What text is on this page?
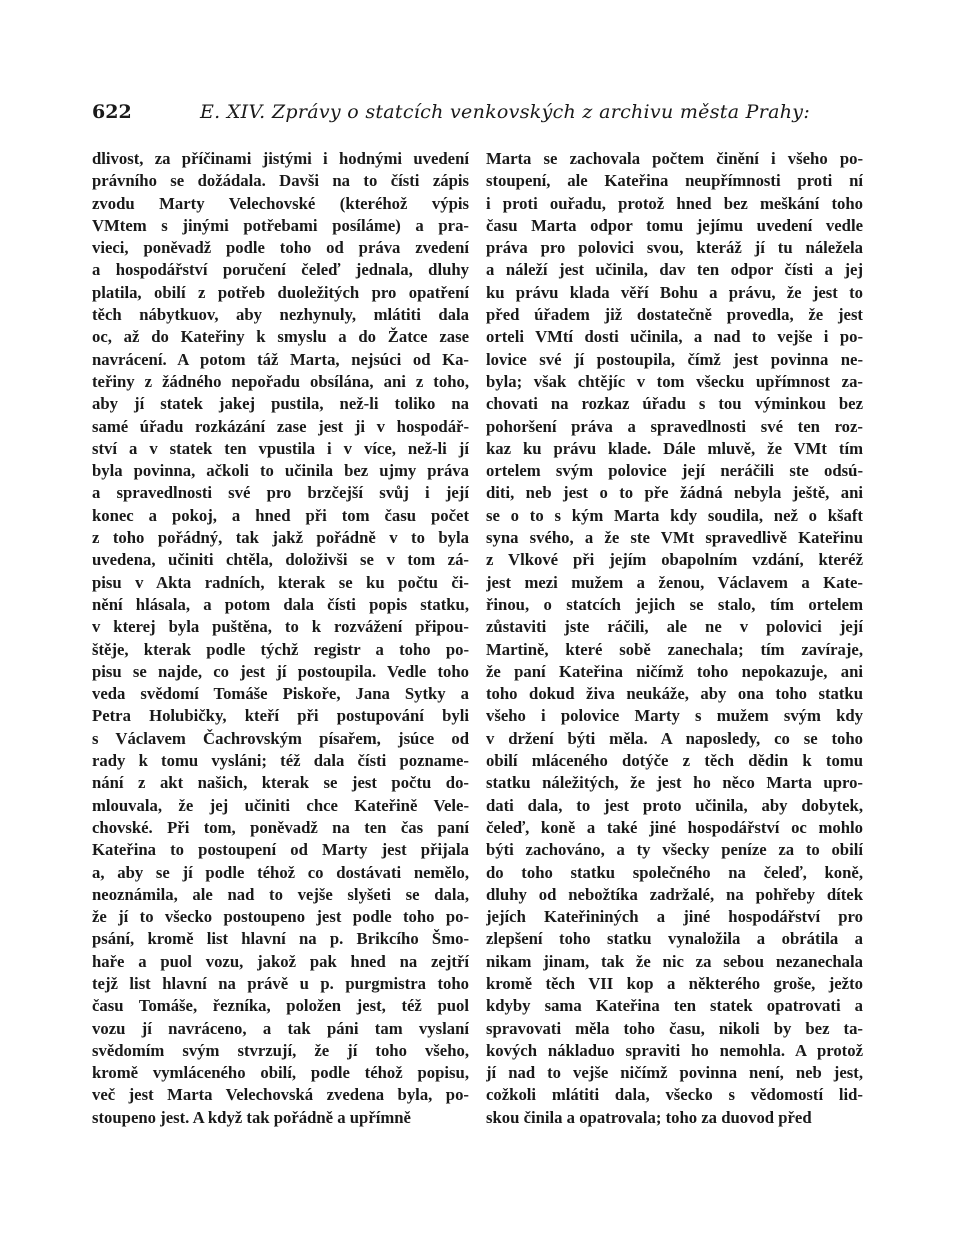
622	E. XIV. Zprávy o statcích venkovských z archivu města Prahy:
dlivost, za příčinami jistými i hodnými uvedení
právního se dožádala. Davši na to čísti zápis
zvodu Marty Velechovské (kteréhož výpis
VMtem s jinými potřebami posíláme) a pra-
vieci, poněvadž podle toho od práva zvedení
a hospodářství poručení čeleď jednala, dluhy
platila, obilí z potřeb duoležitých pro opatření
těch nábytkuov, aby nezhynuly, mlátiti dala
oc, až do Kateřiny k smyslu a do Žatce zase
navrácení. A potom táž Marta, nejsúci od Ka-
teřiny z žádného nepořadu obsílána, ani z toho,
aby jí statek jakej pustila, než-li toliko na
samé úřadu rozkázání zase jest ji v hospodář-
ství a v statek ten vpustila i v více, než-li jí
byla povinna, ačkoli to učinila bez ujmy práva
a spravedlnosti své pro brzčejší svůj i její
konec a pokoj, a hned při tom času počet
z toho pořádný, tak jakž pořádně v to byla
uvedena, učiniti chtěla, doloživši se v tom zá-
pisu v Akta radních, kterak se ku počtu či-
nění hlásala, a potom dala čísti popis statku,
v kterej byla puštěna, to k rozvážení připou-
štěje, kterak podle týchž registr a toho po-
pisu se najde, co jest jí postoupila. Vedle toho
veda svědomí Tomáše Piskoře, Jana Sytky a
Petra Holubičky, kteří při postupování byli
s Václavem Čachrovským písařem, jsúce od
rady k tomu vysláni; též dala čísti poznamе-
nání z akt našich, kterak se jest počtu do-
mlouvala, že jej učiniti chce Kateřině Vele-
chovské. Při tom, poněvadž na ten čas paní
Kateřina to postoupení od Marty jest přijala
a, aby se jí podle téhož co dostávati nemělo,
neoznámila, ale nad to vejše slyšeti se dala,
že jí to všecko postoupeno jest podle toho po-
psání, kromě list hlavní na p. Brikcího Šmo-
haře a puol vozu, jakož pak hned na zejtří
tejž list hlavní na právě u p. purgmistra toho
času Tomáše, řezníka, položen jest, též puol
vozu jí navráceno, a tak páni tam vyslaní
svědomím svým stvrzují, že jí toho všeho,
kromě vymláceného obilí, podle téhož popisu,
več jest Marta Velechovská zvedena byla, po-
stoupeno jest. A když tak pořádně a upřímně
Marta se zachovala počtem činění i všeho po-
stoupení, ale Kateřina neupřímnosti proti ní
i proti ouřadu, protož hned bez meškání toho
času Marta odpor tomu jejímu uvedení vedle
práva pro polovici svou, kteráž jí tu náležela
a náleží jest učinila, dav ten odpor čísti a jej
ku právu klada věří Bohu a právu, že jest to
před úřadem již dostatečně provedla, že jest
orteli VMtí dosti učinila, a nad to vejše i po-
lovice své jí postoupila, čímž jest povinna ne-
byla; však chtějíc v tom všecku upřímnost za-
chovati na rozkaz úřadu s tou výminkou bez
pohoršení práva a spravedlnosti své ten roz-
kaz ku právu klade. Dále mluvě, že VMt tím
ortelem svým polovice její neráčili ste odsú-
diti, neb jest o to pře žádná nebyla ještě, ani
se o to s kým Marta kdy soudila, než o kšaft
syna svého, a že ste VMt spravedlivě Kateřinu
z Vlkové při jejím obapolním vzdání, kteréž
jest mezi mužem a ženou, Václavem a Kate-
řinou, o statcích jejich se stalo, tím ortelem
zůstaviti jste ráčili, ale ne v polovici její
Martině, které sobě zanechala; tím zavíraje,
že paní Kateřina ničímž toho nepokazuje, ani
toho dokud živa neukáže, aby ona toho statku
všeho i polovice Marty s mužem svým kdy
v držení býti měla. A naposledy, co se toho
obilí mláceného dotýče z těch dědin k tomu
statku náležitých, že jest ho něco Marta upro-
dati dala, to jest proto učinila, aby dobytek,
čeleď, koně a také jiné hospodářství oc mohlo
býti zachováno, a ty všecky peníze za to obilí
do toho statku společného na čeleď, koně,
dluhy od nebožtíka zadržalé, na pohřeby dítek
jejích Kateřininých a jiné hospodářství pro
zlepšení toho statku vynaložila a obrátila a
nikam jinam, tak že nic za sebou nezanechala
kromě těch VII kop a některého groše, ježto
kdyby sama Kateřina ten statek opatrovati a
spravovati měla toho času, nikoli by bez ta-
kových nákladuo spraviti ho nemohla. A protož
jí nad to vejše ničímž povinna není, neb jest,
cožkoli mlátiti dala, všecko s vědomostí lid-
skou činila a opatrovala; toho za duovod před
